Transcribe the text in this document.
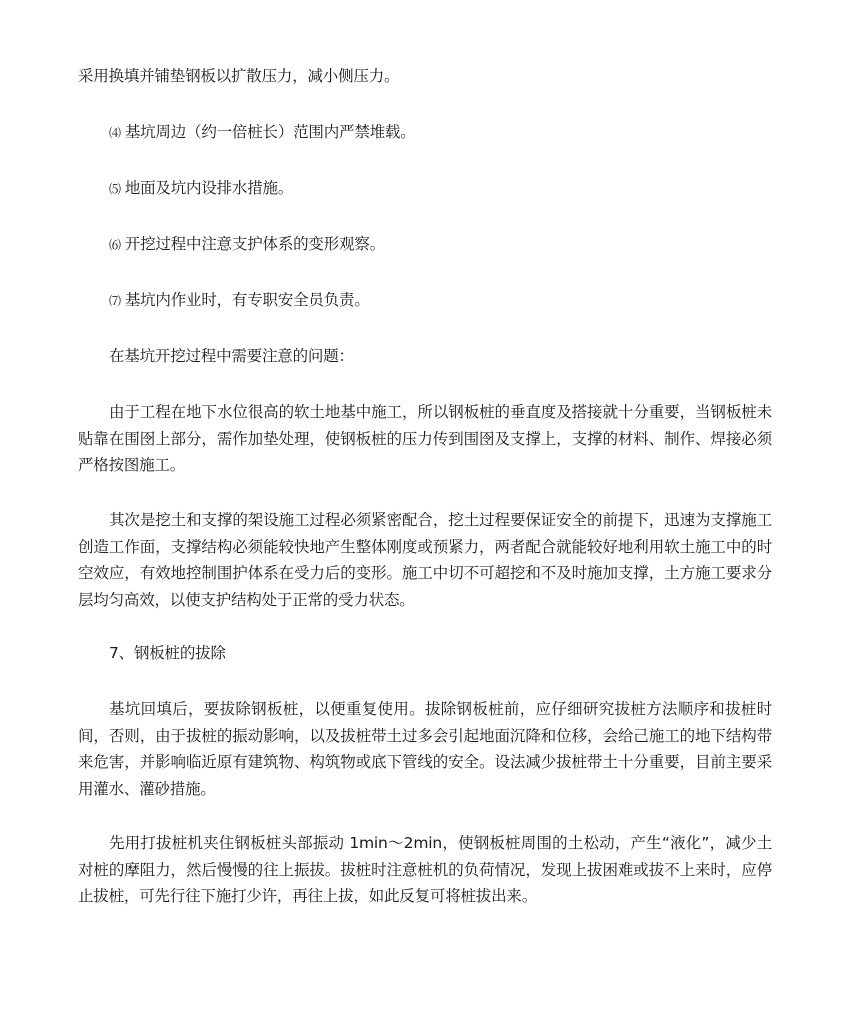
采用换填并铺垫钢板以扩散压力，减小侧压力。

⑷ 基坑周边（约一倍桩长）范围内严禁堆载。
⑸ 地面及坑内设排水措施。
⑹ 开挖过程中注意支护体系的变形观察。
⑺ 基坑内作业时，有专职安全员负责。
在基坑开挖过程中需要注意的问题：

由于工程在地下水位很高的软土地基中施工，所以钢板桩的垂直度及搭接就十分重要，当钢板桩未贴靠在围囹上部分，需作加垫处理，使钢板桩的压力传到围囹及支撑上，支撑的材料、制作、焊接必须严格按图施工。

其次是挖土和支撑的架设施工过程必须紧密配合，挖土过程要保证安全的前提下，迅速为支撑施工创造工作面，支撑结构必须能较快地产生整体刚度或预紧力，两者配合就能较好地利用软土施工中的时空效应，有效地控制围护体系在受力后的变形。施工中切不可超挖和不及时施加支撑，土方施工要求分层均匀高效，以使支护结构处于正常的受力状态。

7、钢板桩的拔除

基坑回填后，要拔除钢板桩，以便重复使用。拔除钢板桩前，应仔细研究拔桩方法顺序和拔桩时间，否则，由于拔桩的振动影响，以及拔桩带土过多会引起地面沉降和位移，会给己施工的地下结构带来危害，并影响临近原有建筑物、构筑物或底下管线的安全。设法减少拔桩带土十分重要，目前主要采用灌水、灌砂措施。

先用打拔桩机夹住钢板桩头部振动 1min～2min，使钢板桩周围的土松动，产生“液化”，减少土对桩的摩阻力，然后慢慢的往上振拔。拔桩时注意桩机的负荷情况，发现上拔困难或拔不上来时，应停止拔桩，可先行往下施打少许，再往上拔，如此反复可将桩拔出来。
